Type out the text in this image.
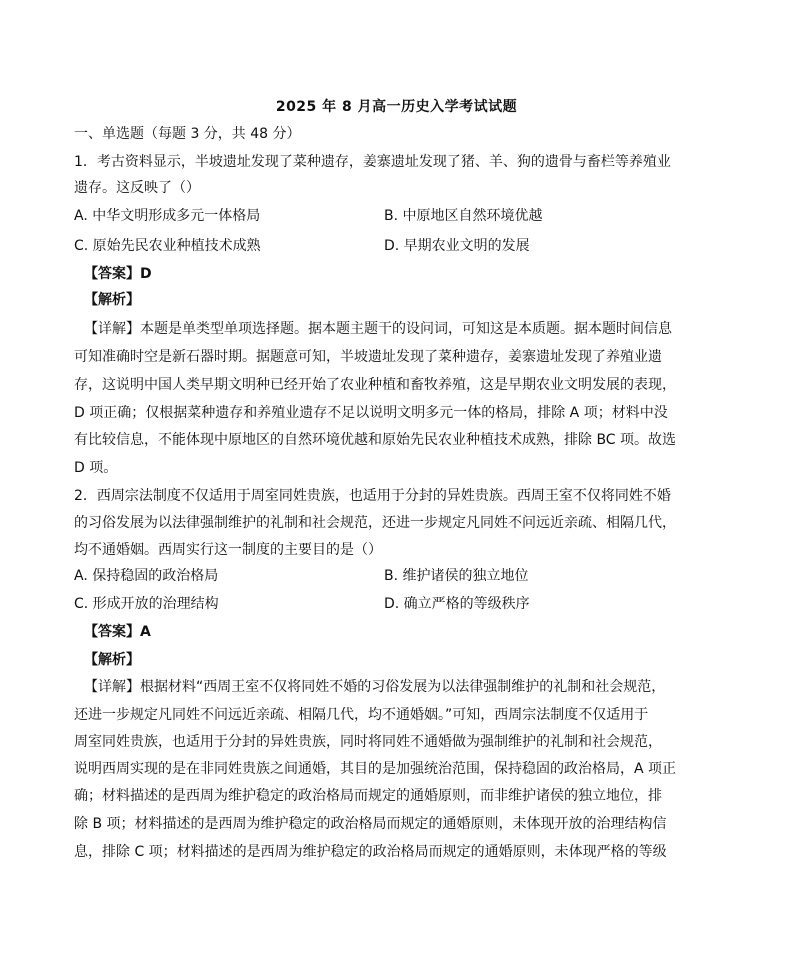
2025 年 8 月高一历史入学考试试题
一、单选题（每题 3 分，共 48 分）
1．考古资料显示，半坡遗址发现了菜种遗存，姜寨遗址发现了猪、羊、狗的遗骨与畜栏等养殖业
遗存。这反映了（）
A. 中华文明形成多元一体格局	B. 中原地区自然环境优越
C. 原始先民农业种植技术成熟	D. 早期农业文明的发展
【答案】D
【解析】
【详解】本题是单类型单项选择题。据本题主题干的设问词，可知这是本质题。据本题时间信息
可知准确时空是新石器时期。据题意可知，半坡遗址发现了菜种遗存，姜寨遗址发现了养殖业遗
存，这说明中国人类早期文明种已经开始了农业种植和畜牧养殖，这是早期农业文明发展的表现，
D 项正确；仅根据菜种遗存和养殖业遗存不足以说明文明多元一体的格局，排除 A 项；材料中没
有比较信息，不能体现中原地区的自然环境优越和原始先民农业种植技术成熟，排除 BC 项。故选
D 项。
2．西周宗法制度不仅适用于周室同姓贵族，也适用于分封的异姓贵族。西周王室不仅将同姓不婚
的习俗发展为以法律强制维护的礼制和社会规范，还进一步规定凡同姓不问远近亲疏、相隔几代，
均不通婚姻。西周实行这一制度的主要目的是（）
A. 保持稳固的政治格局	B. 维护诸侯的独立地位
C. 形成开放的治理结构	D. 确立严格的等级秩序
【答案】A
【解析】
【详解】根据材料“西周王室不仅将同姓不婚的习俗发展为以法律强制维护的礼制和社会规范，
还进一步规定凡同姓不问远近亲疏、相隔几代，均不通婚姻。”可知，西周宗法制度不仅适用于
周室同姓贵族，也适用于分封的异姓贵族，同时将同姓不通婚做为强制维护的礼制和社会规范，
说明西周实现的是在非同姓贵族之间通婚，其目的是加强统治范围，保持稳固的政治格局，A 项正
确；材料描述的是西周为维护稳定的政治格局而规定的通婚原则，而非维护诸侯的独立地位，排
除 B 项；材料描述的是西周为维护稳定的政治格局而规定的通婚原则，未体现开放的治理结构信
息，排除 C 项；材料描述的是西周为维护稳定的政治格局而规定的通婚原则，未体现严格的等级
